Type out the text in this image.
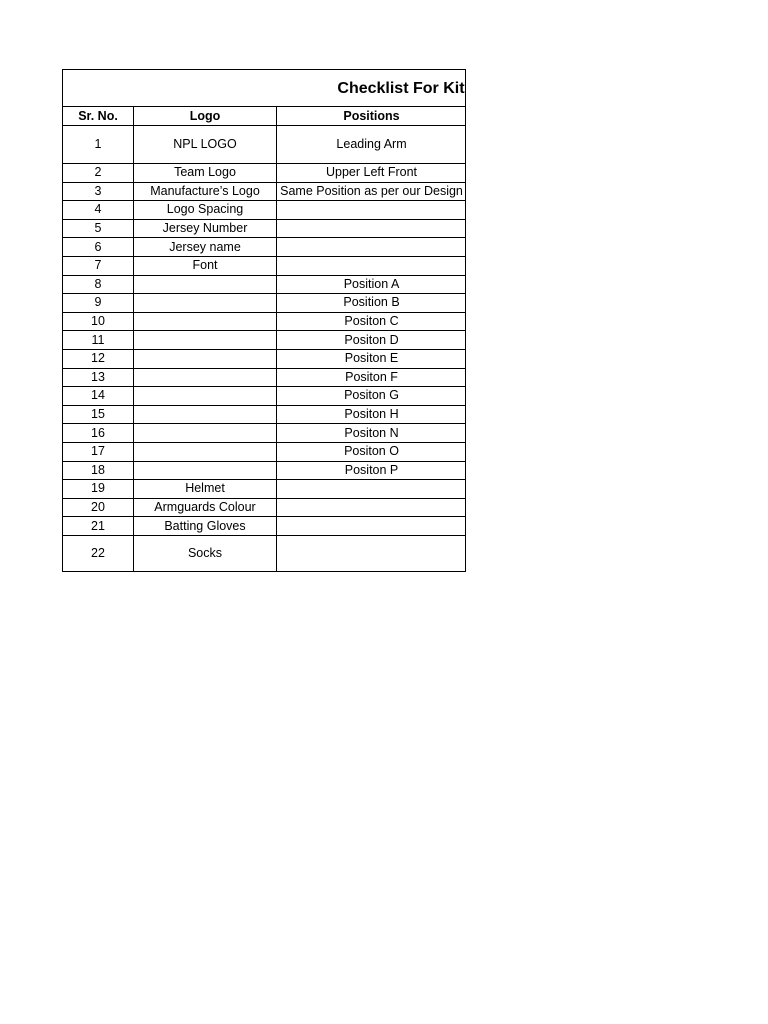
Checklist For Kit		
Sr. No.	Logo	Positions
1	NPL LOGO	Leading Arm
2	Team Logo	Upper Left Front
3	Manufacture’s Logo	Same Position as per our Design
4	Logo Spacing	
5	Jersey Number	
6	Jersey name	
7	Font	
8		Position A
9		Position B
10		Positon C
11		Positon D
12		Positon E
13		Positon F
14		Positon G
15		Positon H
16		Positon N
17		Positon O
18		Positon P
19	Helmet	
20	Armguards Colour	
21	Batting Gloves	
22	Socks	
